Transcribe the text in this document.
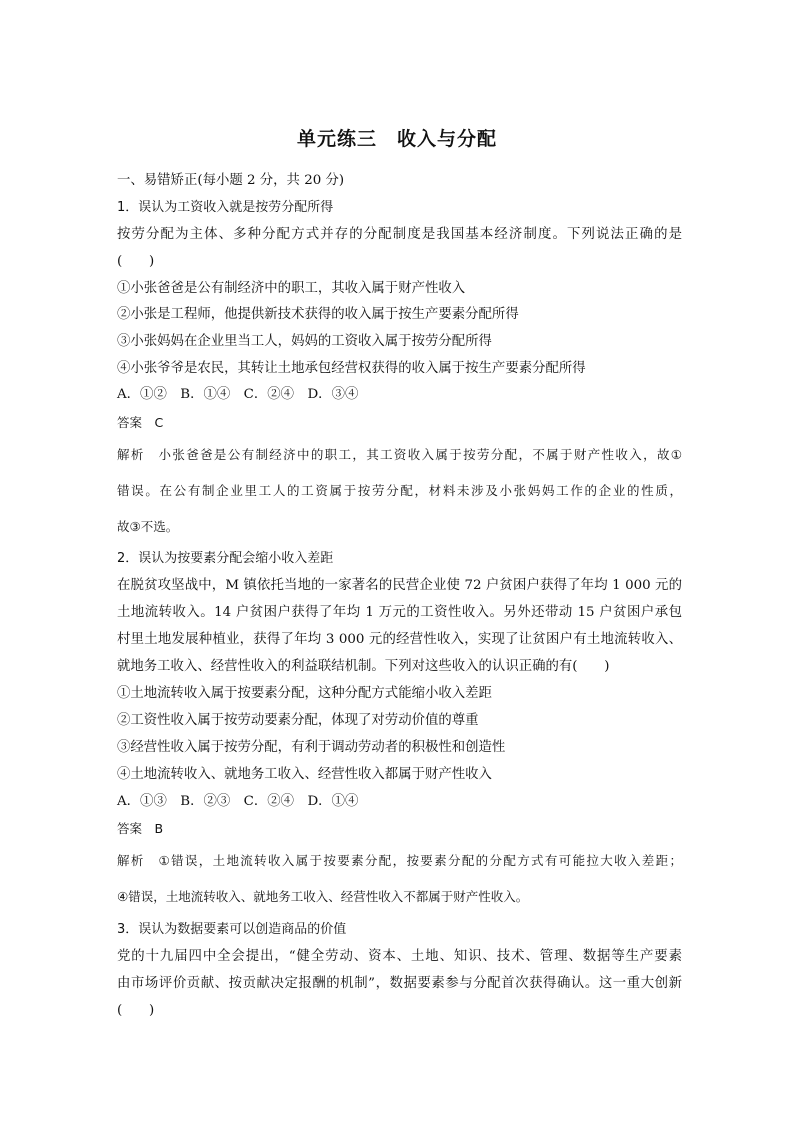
单元练三　收入与分配
一、易错矫正(每小题 2 分，共 20 分)
1．误认为工资收入就是按劳分配所得
按劳分配为主体、多种分配方式并存的分配制度是我国基本经济制度。下列说法正确的是
(　　)
①小张爸爸是公有制经济中的职工，其收入属于财产性收入
②小张是工程师，他提供新技术获得的收入属于按生产要素分配所得
③小张妈妈在企业里当工人，妈妈的工资收入属于按劳分配所得
④小张爷爷是农民，其转让土地承包经营权获得的收入属于按生产要素分配所得
A．①②　B．①④　C．②④　D．③④
答案　C
解析　小张爸爸是公有制经济中的职工，其工资收入属于按劳分配，不属于财产性收入，故①
错误。在公有制企业里工人的工资属于按劳分配，材料未涉及小张妈妈工作的企业的性质，
故③不选。
2．误认为按要素分配会缩小收入差距
在脱贫攻坚战中，M 镇依托当地的一家著名的民营企业使 72 户贫困户获得了年均 1 000 元的
土地流转收入。14 户贫困户获得了年均 1 万元的工资性收入。另外还带动 15 户贫困户承包
村里土地发展种植业，获得了年均 3 000 元的经营性收入，实现了让贫困户有土地流转收入、
就地务工收入、经营性收入的利益联结机制。下列对这些收入的认识正确的有(　　)
①土地流转收入属于按要素分配，这种分配方式能缩小收入差距
②工资性收入属于按劳动要素分配，体现了对劳动价值的尊重
③经营性收入属于按劳分配，有利于调动劳动者的积极性和创造性
④土地流转收入、就地务工收入、经营性收入都属于财产性收入
A．①③　B．②③　C．②④　D．①④
答案　B
解析　①错误，土地流转收入属于按要素分配，按要素分配的分配方式有可能拉大收入差距；
④错误，土地流转收入、就地务工收入、经营性收入不都属于财产性收入。
3．误认为数据要素可以创造商品的价值
党的十九届四中全会提出，“健全劳动、资本、土地、知识、技术、管理、数据等生产要素
由市场评价贡献、按贡献决定报酬的机制”，数据要素参与分配首次获得确认。这一重大创新
(　　)
